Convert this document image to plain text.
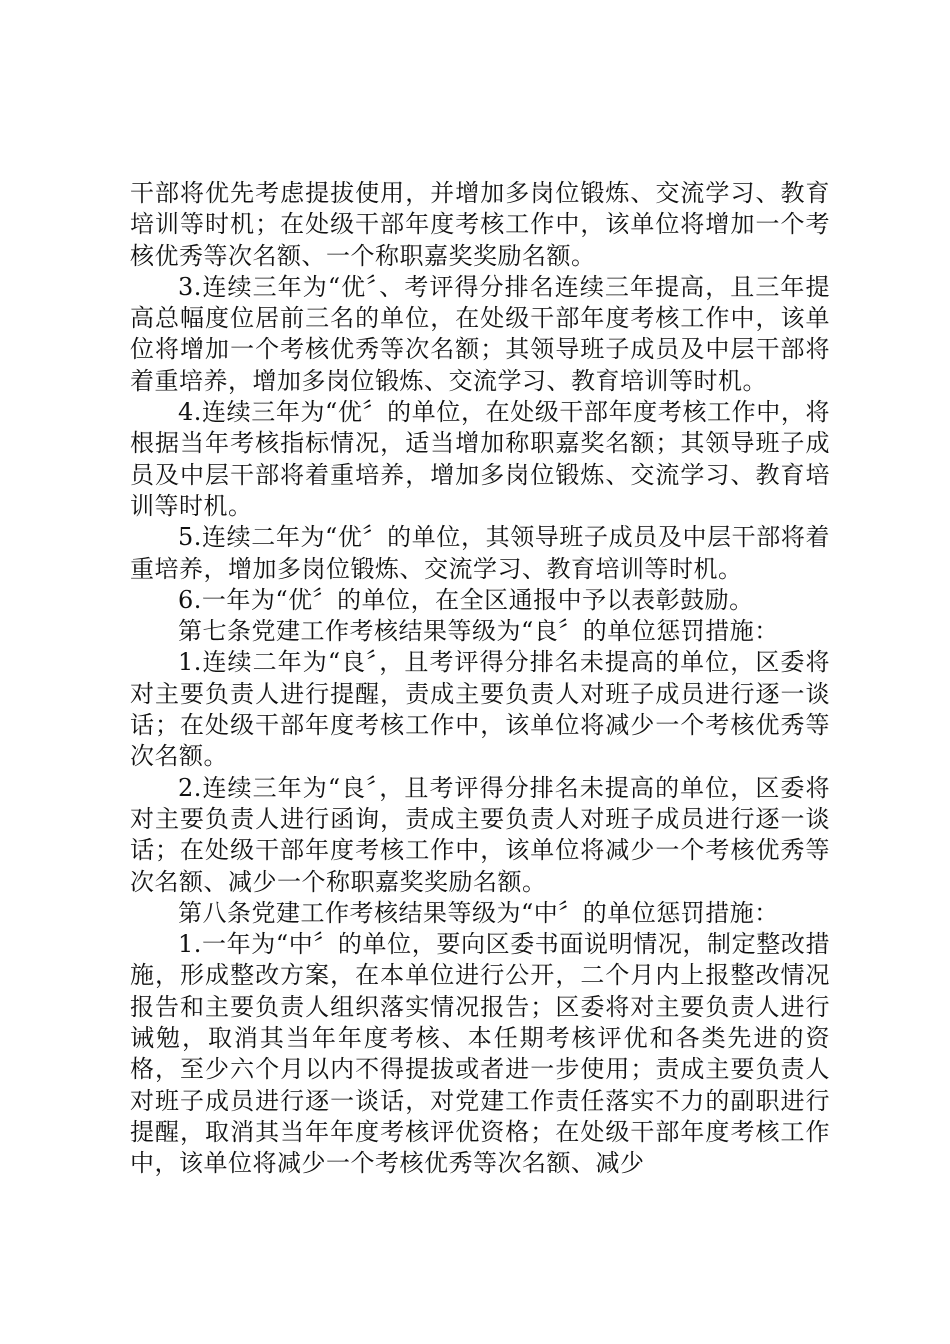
干部将优先考虑提拔使用，并增加多岗位锻炼、交流学习、教育培训等时机；在处级干部年度考核工作中，该单位将增加一个考核优秀等次名额、一个称职嘉奖奖励名额。

3.连续三年为“优〞、考评得分排名连续三年提高，且三年提高总幅度位居前三名的单位，在处级干部年度考核工作中，该单位将增加一个考核优秀等次名额；其领导班子成员及中层干部将着重培养，增加多岗位锻炼、交流学习、教育培训等时机。

4.连续三年为“优〞的单位，在处级干部年度考核工作中，将根据当年考核指标情况，适当增加称职嘉奖名额；其领导班子成员及中层干部将着重培养，增加多岗位锻炼、交流学习、教育培训等时机。

5.连续二年为“优〞的单位，其领导班子成员及中层干部将着重培养，增加多岗位锻炼、交流学习、教育培训等时机。

6.一年为“优〞的单位，在全区通报中予以表彰鼓励。

第七条党建工作考核结果等级为“良〞的单位惩罚措施：

1.连续二年为“良〞，且考评得分排名未提高的单位，区委将对主要负责人进行提醒，责成主要负责人对班子成员进行逐一谈话；在处级干部年度考核工作中，该单位将减少一个考核优秀等次名额。

2.连续三年为“良〞，且考评得分排名未提高的单位，区委将对主要负责人进行函询，责成主要负责人对班子成员进行逐一谈话；在处级干部年度考核工作中，该单位将减少一个考核优秀等次名额、减少一个称职嘉奖奖励名额。

第八条党建工作考核结果等级为“中〞的单位惩罚措施：

1.一年为“中〞的单位，要向区委书面说明情况，制定整改措施，形成整改方案，在本单位进行公开，二个月内上报整改情况报告和主要负责人组织落实情况报告；区委将对主要负责人进行诫勉，取消其当年年度考核、本任期考核评优和各类先进的资格，至少六个月以内不得提拔或者进一步使用；责成主要负责人对班子成员进行逐一谈话，对党建工作责任落实不力的副职进行提醒，取消其当年年度考核评优资格；在处级干部年度考核工作中，该单位将减少一个考核优秀等次名额、减少
